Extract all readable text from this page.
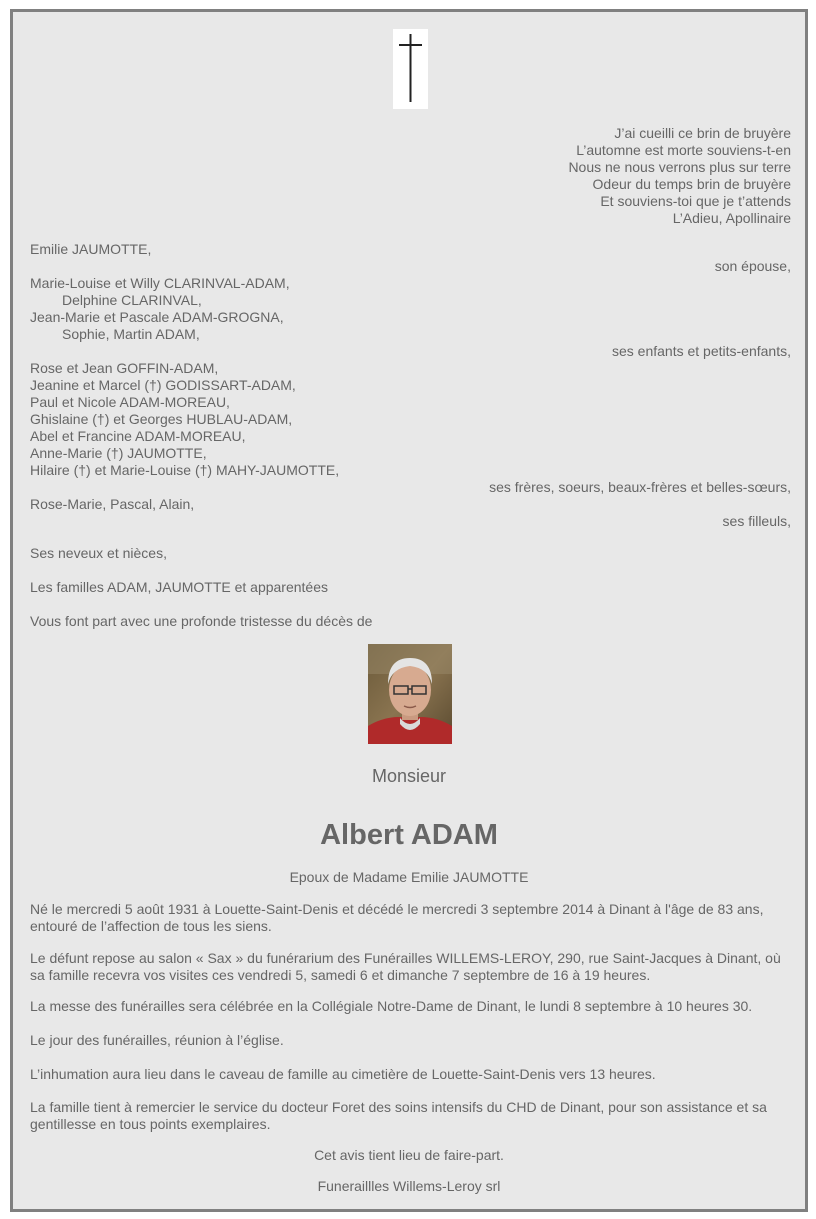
J’ai cueilli ce brin de bruyère
L’automne est morte souviens-t-en
Nous ne nous verrons plus sur terre
Odeur du temps brin de bruyère
Et souviens-toi que je t’attends
L’Adieu, Apollinaire
Emilie JAUMOTTE,
son épouse,
Marie-Louise et Willy CLARINVAL-ADAM,
Delphine CLARINVAL,
Jean-Marie et Pascale ADAM-GROGNA,
Sophie, Martin ADAM,
ses enfants et petits-enfants,
Rose et Jean GOFFIN-ADAM,
Jeanine et Marcel (†) GODISSART-ADAM,
Paul et Nicole ADAM-MOREAU,
Ghislaine (†) et Georges HUBLAU-ADAM,
Abel et Francine ADAM-MOREAU,
Anne-Marie (†) JAUMOTTE,
Hilaire (†) et Marie-Louise (†) MAHY-JAUMOTTE,
ses frères, soeurs, beaux-frères et belles-sœurs,
Rose-Marie, Pascal, Alain,
ses filleuls,
Ses neveux et nièces,
Les familles ADAM, JAUMOTTE et apparentées
Vous font part avec une profonde tristesse du décès de
Monsieur
Albert ADAM
Epoux de Madame Emilie JAUMOTTE
Né le mercredi 5 août 1931 à Louette-Saint-Denis et décédé le mercredi 3 septembre 2014 à Dinant à l'âge de 83 ans, entouré de l’affection de tous les siens.
Le défunt repose au salon « Sax » du funérarium des Funérailles WILLEMS-LEROY, 290, rue Saint-Jacques à Dinant, où sa famille recevra vos visites ces vendredi 5, samedi 6 et dimanche 7 septembre de 16 à 19 heures.
La messe des funérailles sera célébrée en la Collégiale Notre-Dame de Dinant, le lundi 8 septembre à 10 heures 30.
Le jour des funérailles, réunion à l’église.
L’inhumation aura lieu dans le caveau de famille au cimetière de Louette-Saint-Denis vers 13 heures.
La famille tient à remercier le service du docteur Foret des soins intensifs du CHD de Dinant, pour son assistance et sa gentillesse en tous points exemplaires.
Cet avis tient lieu de faire-part.
Funeraillles Willems-Leroy srl
